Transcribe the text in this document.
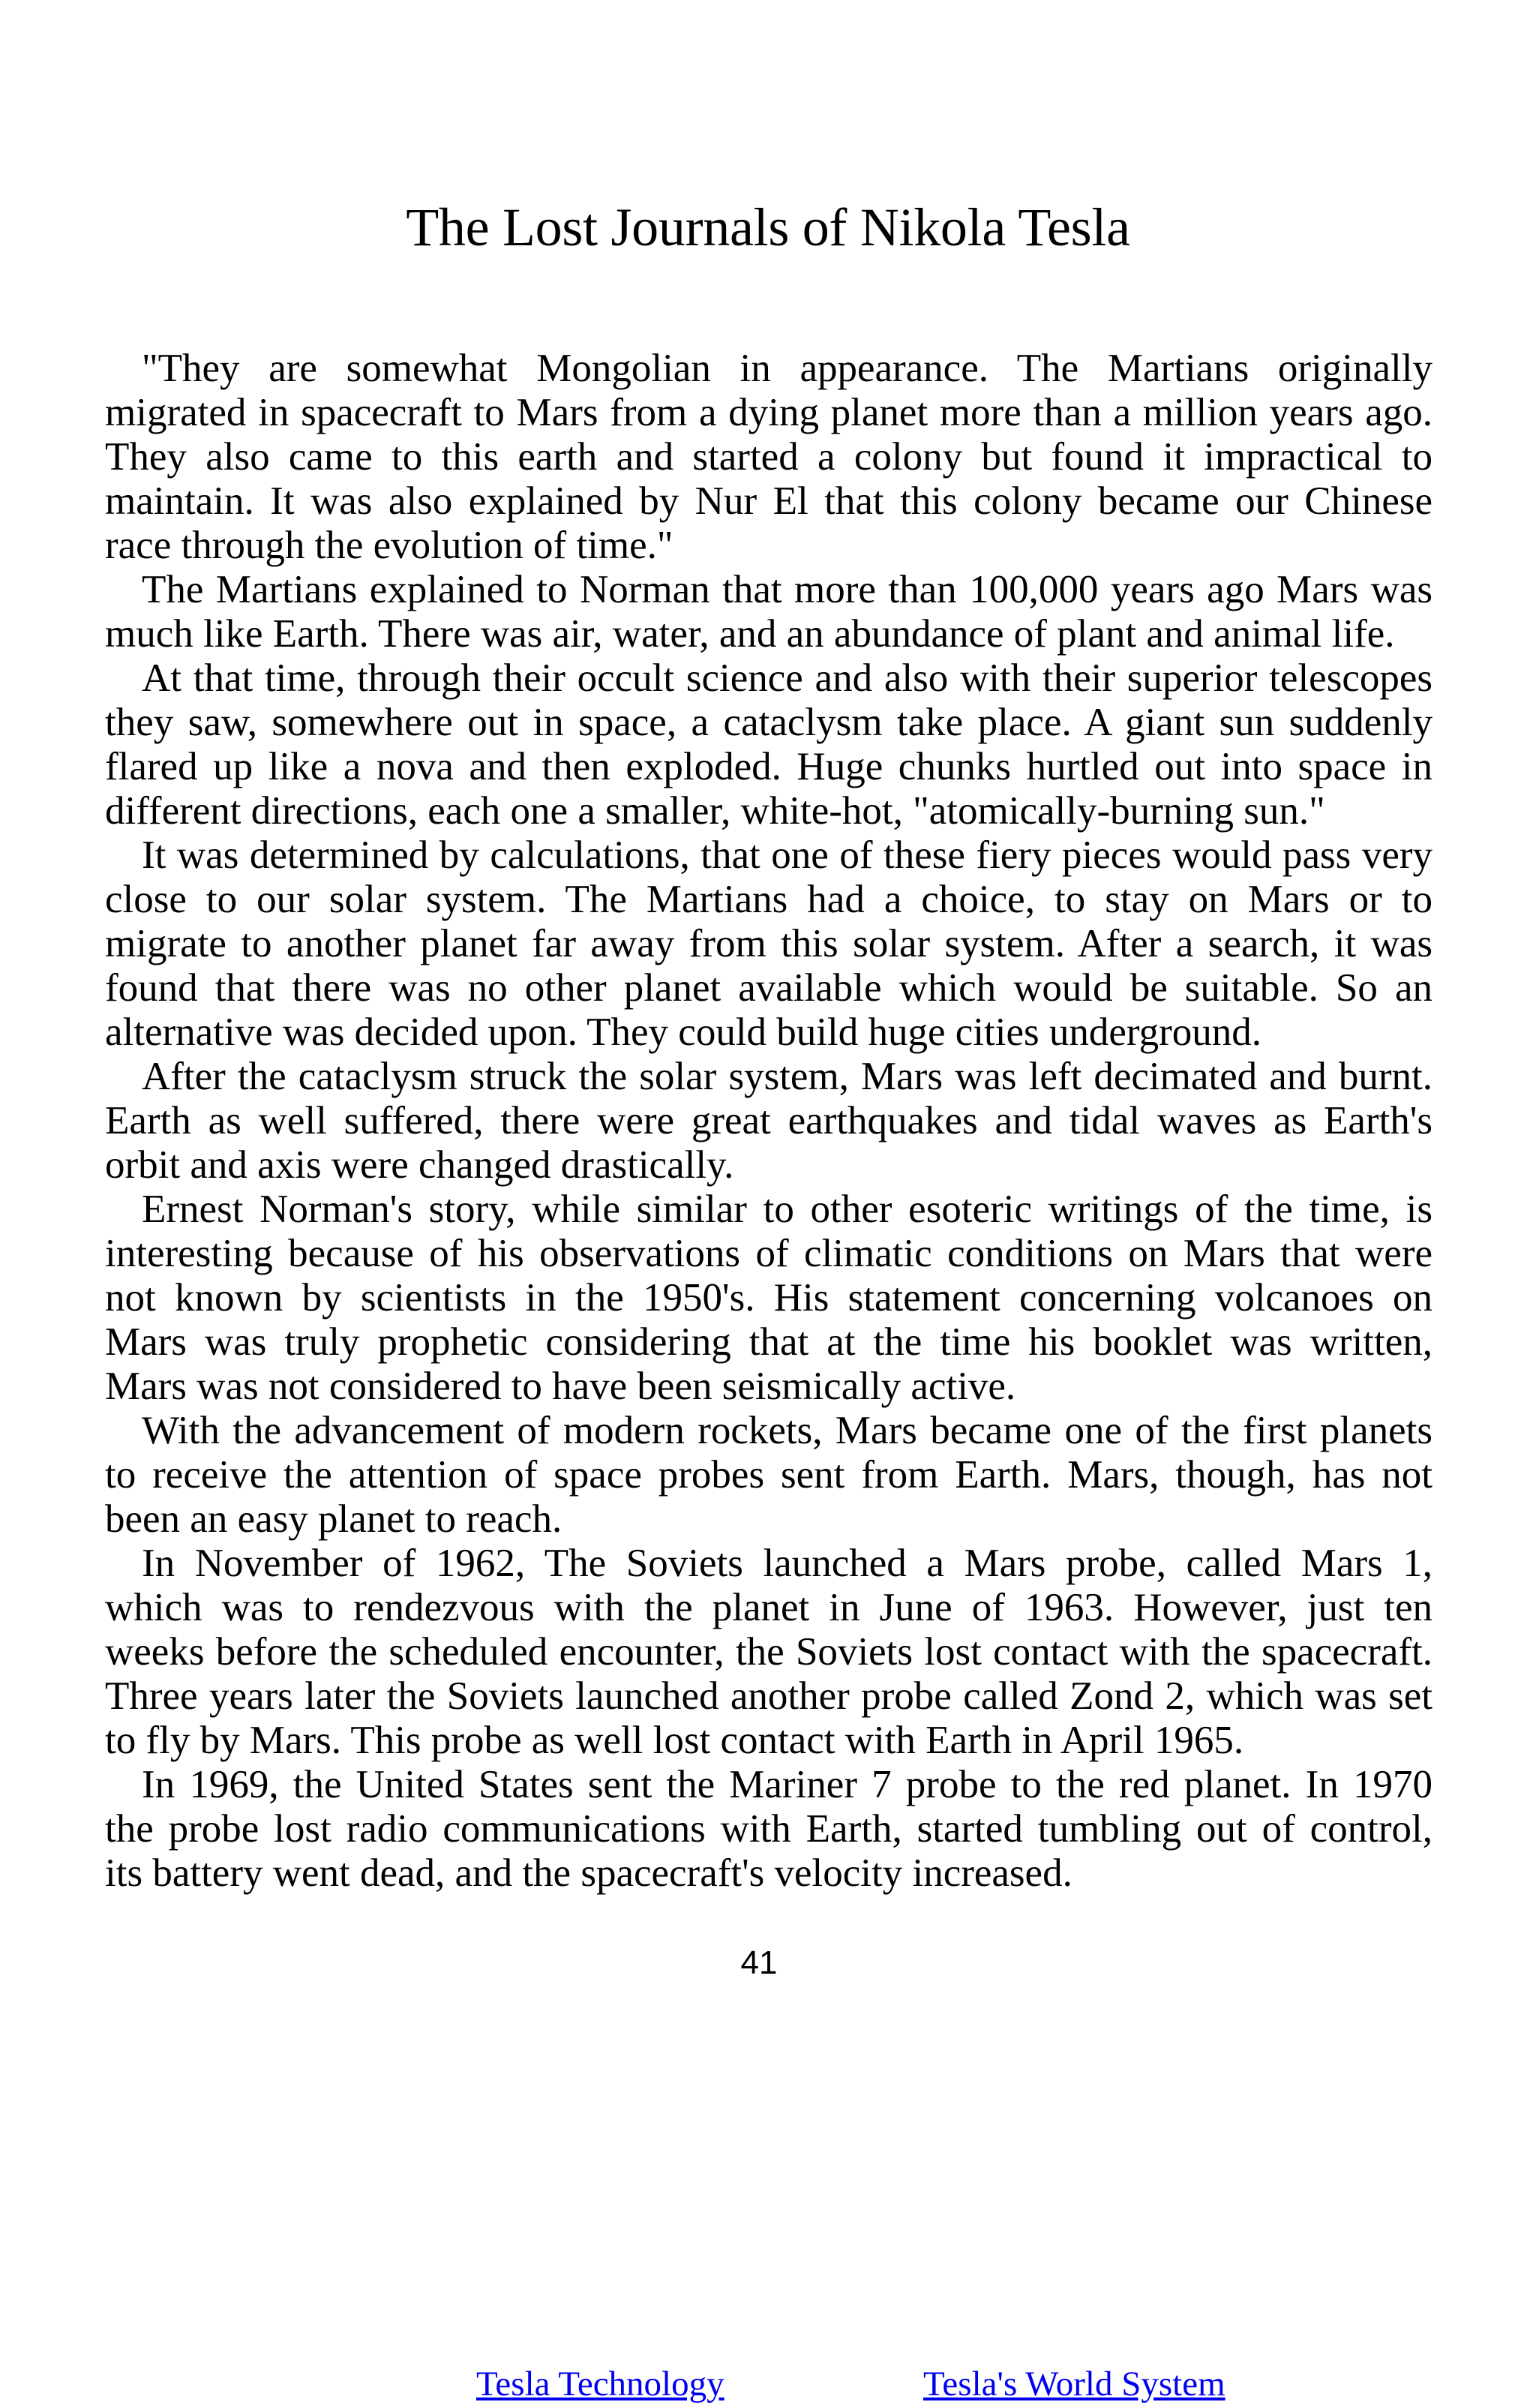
The Lost Journals of Nikola Tesla
"They are somewhat Mongolian in appearance. The Martians originally
migrated in spacecraft to Mars from a dying planet more than a million years ago.
They also came to this earth and started a colony but found it impractical to
maintain. It was also explained by Nur El that this colony became our Chinese
race through the evolution of time."
The Martians explained to Norman that more than 100,000 years ago Mars was
much like Earth. There was air, water, and an abundance of plant and animal life.
At that time, through their occult science and also with their superior telescopes
they saw, somewhere out in space, a cataclysm take place. A giant sun suddenly
flared up like a nova and then exploded. Huge chunks hurtled out into space in
different directions, each one a smaller, white-hot, "atomically-burning sun."
It was determined by calculations, that one of these fiery pieces would pass very
close to our solar system. The Martians had a choice, to stay on Mars or to
migrate to another planet far away from this solar system. After a search, it was
found that there was no other planet available which would be suitable. So an
alternative was decided upon. They could build huge cities underground.
After the cataclysm struck the solar system, Mars was left decimated and burnt.
Earth as well suffered, there were great earthquakes and tidal waves as Earth's
orbit and axis were changed drastically.
Ernest Norman's story, while similar to other esoteric writings of the time, is
interesting because of his observations of climatic conditions on Mars that were
not known by scientists in the 1950's. His statement concerning volcanoes on
Mars was truly prophetic considering that at the time his booklet was written,
Mars was not considered to have been seismically active.
With the advancement of modern rockets, Mars became one of the first planets
to receive the attention of space probes sent from Earth. Mars, though, has not
been an easy planet to reach.
In November of 1962, The Soviets launched a Mars probe, called Mars 1,
which was to rendezvous with the planet in June of 1963. However, just ten
weeks before the scheduled encounter, the Soviets lost contact with the spacecraft.
Three years later the Soviets launched another probe called Zond 2, which was set
to fly by Mars. This probe as well lost contact with Earth in April 1965.
In 1969, the United States sent the Mariner 7 probe to the red planet. In 1970
the probe lost radio communications with Earth, started tumbling out of control,
its battery went dead, and the spacecraft's velocity increased.
41
Tesla Technology	Tesla's World System
